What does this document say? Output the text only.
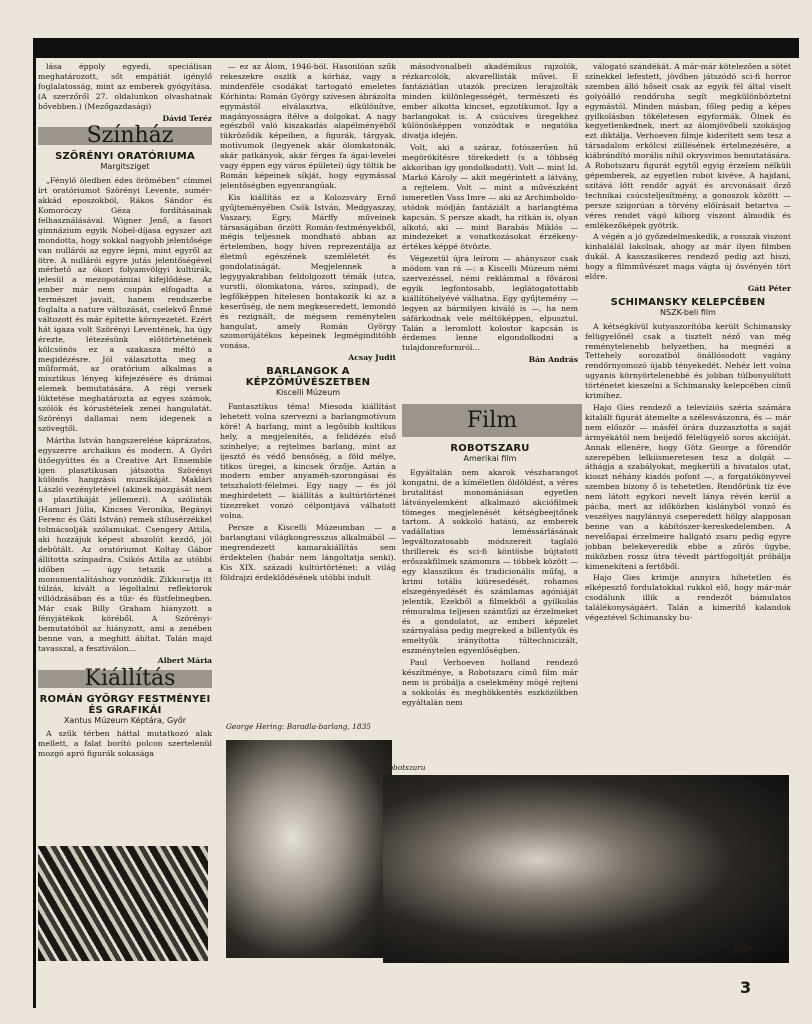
lása éppoly egyedi, speciálisan meghatározott, sőt empátiát igénylő foglalatosság, mint az emberek gyógyítása. (A szerzőről 27. oldalunkon olvashatnak bővebben.) (Mezőgazdasági)

Dávid Teréz
Színház
SZÖRÉNYI ORATÓRIUMA
Margitsziget

„Fénylő öledben édes örömében” címmel írt oratóriumot Szörényi Levente, sumér-akkád eposzokból, Rákos Sándor és Komoróczy Géza fordításainak felhasználásával. Wigner Jenő, a fasori gimnázium egyik Nobel-díjasa egyszer azt mondotta, hogy sokkal nagyobb jelentősége van nullárói az egyre lépni, mint egyről az ötre. A nullárói egyre jutás jelentőségével mérhető az ókori folyamvölgyi kultúrák, jelesül a mezopotámiai kifejlődése. Az ember már nem csupán elfogadta a természet javait, hanem rendszerbe foglalta a nature változását, cselekvő Ênmé változott és már építette környezetét. Ezért hát igaza volt Szörényi Leventének, ha úgy érezte, létezésünk előtörténetének kölcsönös ez a szakasza méltó a megidézésre. Jól választotta meg a műformát, az oratórium alkalmas a misztikus lényeg kifejezésére és drámai elemek bemutatására. A régi versek lüktetése meghatározta az egyes számok, szólók és kórustételek zenei hangulatát. Szörényi dallamai nem idegenek a szövegtől.

Mártha István hangszerelése káprázatos, egyszerre archaikus és modern. A Győri ütőegyüttes és a Creative Art Ensemble igen plasztikusan játszotta Szörényi különös hangzású muzsikáját. Maklári László vezényletével (akinek mozgását nem a plasztikáját jellemezi). A szólisták (Hamari Júlia, Kincses Veronika, Begányi Ferenc és Gáti István) remek stílusérzékkel tolmácsolják szólamukat. Csengery Attila, aki hozzájuk képest abszolút kezdő, jól debütált. Az oratóriumot Koltay Gábor állította színpadra. Csikós Attila az utóbbi időben — úgy tetszik — a monumentalitáshoz vonzódik. Zikkuratja itt túlzás, kivált a légoltalmi reflektorok villódzásában és a tűz- és füstfelmegben. Már csak Billy Graham hiányzott a fényjátékok köréből. A Szörényi-bemutatóból az hiányzott, ami a zenében benne van, a meghitt áhítat. Talán majd tavasszal, a fesztiválon...

Albert Mária
Kiállítás
ROMÁN GYÖRGY FESTMÉNYEI ÉS GRAFIKÁI
Xantus Múzeum Képtára, Győr

A szűk térben háttal mutatkozó alak mellett, a falat borító polcon szertelenül mozgó apró figurák sokasága

— ez az Álom, 1946-ból. Hasonlóan szűk rekeszekre oszlik a kórház, vagy a mindenféle csodákat tartogató emeletes Kórhinta: Román György szívesen ábrázolta egymástól elválasztva, elkülönítve, magányosságra ítélve a dolgokat. A nagy egészből való kiszakadás alapélményéből tükröződik képeiben, a figurák, tárgyak, motívumok (legyenek akár ólomkatonák, akár patkányok, akár férges fa ágai-levelei vagy éppen egy város épületei) úgy töltik be Román képeinek síkját, hogy egymással jelentőségben egyenrangúak.

Kis kiállítás ez a Kolozsváry Ernő gyűjteményében Csók István, Medgyaszay, Vaszary, Egry, Márffy műveinek társaságában őrzött Román-festményekből, mégis teljesnek mondható abban az értelemben, hogy híven reprezentálja az életmű egészének szemléletét és gondolatiságát. Megjelennek a legygyakrabban feldolgozott témák (utca, vurstli, ólomkatona, város, színpad), de legfőképpen hitelesen bontakozik ki az a keserűség, de nem megkeseredett, lemondó és rezignált, de mégsem reménytelen hangulat, amely Román György szomorújátékos képeinek legméginditóbb vonása.

Acsay Judit
BARLANGOK A KÉPZŐMŰVÉSZETBEN
Kiscelli Múzeum

Fantasztikus téma! Miesoda kiállítást lehetett volna szervezni a barlangmotívum köré! A barlang, mint a legősibb kultikus hely, a megjelenítés, a felidézés első színhelye; a rejtelmes barlang, mint az ijesztő és védő bensőség, a föld mélye, titkos üregei, a kincsek őrzője. Aztán a modern ember anyaméh-szorongásai és tetszhalott-félelmei. Egy nagy — és jól meghirdetett — kiállítás a kultúrtörténet tizezreket vonzó célpontjává válhatott volna.

Persze a Kiscelli Múzeumban — a barlangtani világkongresszus alkalmából — megrendezett kamarakiállítás sem érdektelen (habár nem lángoltatja senki). Kis XIX. századi kultúrtörténet: a világ földrajzi érdeklődésének utóbbi indult

George Hering: Baradla-barlang, 1835

másodvonalbeli akadémikus rajzolók, rézkarcolók, akvarellisták művei. E fantáziátlan utazók precizen lerajzolták minden különlegességét, természeti és ember alkotta kincset, egzotikumot. Így a barlangokat is. A csúcsíves üregekhez különösképpen vonzódtak e negatóka divatja idején.

Volt, aki a száraz, fotószerűen hű megörökítésre törekedett (s a többség akkoriban így gondolkodott). Volt — mint Id. Markó Károly — akit megérintett a látvány, a rejtelem. Volt — mint a művészként ismeretlen Vass Imre — aki az Archimboldo-utódok módján fantáziált a barlangtéma kapcsán. S persze akadt, ha ritkán is, olyan alkotó, aki — mint Barabás Miklós — mindezeket a vonatkozásokat érzékeny-értékes képpé ötvözte.

Végezetül újra leírom — ahányszor csak módom van rá —: a Kiscelli Múzeum némi szervezéssel, némi reklámmal a fővárosi egyik legfontosabb, leglátogatottabb kiállítóhelyévé válhatna. Egy gyűjtemény — legyen az bármilyen kiváló is —, ha nem sáfárkodnak vele méltóképpen, elpusztul. Talán a leromlott kolostor kapcsán is érdemes lenne elgondolkodni a tulajdonreformról...

Bán András
Film
ROBOTSZARU
Amerikai film

Egyáltalán nem akarok vészharangot kongatni, de a kíméletlen öldöklést, a véres brutalitást monomániásan egyetlen látványelemként alkalmazó akciófilmek tömeges megjelenését kétségbeejtőnek tartom. A sokkoló hatású, az emberek vadállatias leméssárlásának legváltozatosabb módszereit taglaló thrillerek és sci-fi köntösbe bújtatott erőszakfilmek számomra — többek között — egy klasszikus és tradicionális műfaj, a krimi totális kiüresedését, rohamos elszegényedését és számlamas agóniáját jelentik. Ezekből a filmekből a gyilkolás rémuralma teljesen számtűzi az érzelmeket és a gondolatot, az emberi képzelet szárnyalása pedig megreked a billentyűk és emeltyűk irányította túltechnicizált, eszménytelen egyenlőségben.

Paul Verhoeven holland rendező készítménye, a Robotszaru című film már nem is próbálja a cselekmény mögé rejteni a sokkolás és meghökkentés eszközökben egyáltalán nem

Robotszaru

válogató szándékát. A már-már kötelezően a sötét színekkel lefestett, jövőben játszódó sci-fi horror szemben álló hőseit csak az egyik fél által viselt golyóálló rendőruha segít megkülönböztetni egymástól. Minden másban, főleg pedig a képes gyilkolásban tökéletesen egyformák. Ölnek és kegyetlenkednek, mert az álomjövőbeli szokásjog ezt diktálja. Verhoeven filmje kiderített sem tesz a társadalom erkölcsi züllésének értelmezésére, a kiábrándító morális nihil okrysvimos bemutatására. A Robotszaru figurát egytől egyig érzelem nélküli gépemberek, az egyetlen robot kivéve. A hajdani, szitává lőtt rendőr agyát és arcvonásait őrző technikai csúcsteljesítmény, a gonoszok között — persze szigorúan a törvény előírásait betartva — véres rendet vágó kiborg viszont álmodik és emlékezőképek gyötrik.

A végén a jó győzedelmeskedik, a rosszak viszont kinhalálál lakolnak, ahogy az már ilyen filmben dukál. A kasszasikeres rendező pedig azt hiszi, hogy a filmművészet maga vágta új ösvényén tört előre.

Gáti Péter
SCHIMANSKY KELEPCÉBEN
NSZK-beli film

A kétségkívül kutyaszorítóba került Schimansky felügyelőnél csak a tisztelt néző van még reménytelenebb helyzetben, ha megnézi a Tettehely sorozatból önállósodott vagány rendőrnyomozó újabb tényekedét. Nehéz lett volna ugyanis környörtelenebbé és jobban túlbonyolított történetet kieszelni a Schimansky kelepcében című krimihez.

Hajo Gies rendező a televíziós széria számára kitalált figurát átemelte a szélesvászonra, és — már nem először — másfél órára duzzasztotta a saját ármyékától nem beijedő félelügyelő soros akcióját. Annak ellenére, hogy Götz George a főrendőr szerepében lelkiismeretesen tesz a dolgát — áthágja a szabályokat, megkerüli a hivatalos utat, kioszt néhány kiadós pofont —, a forgatókönyvvel szemben bizony ő is tehetetlen. Rendőrünk tíz éve nem látott egykori nevelt lánya révén kerül a pácba, mert az időközben kislányból vonzó és veszélyes nagylánnyá cseperedett hölgy alapposan benne van a kábítószer-kereskedelemben. A nevelőapai érzelmeire hallgató zsaru pedig egyre jobban belekeveredik ebbe a zűrös ügybe, miközben rossz útra tévedt pártfogoltját próbálja kimenekíteni a fertőből.

Hajo Gies krimije annyira hihetetlen és elképesztő fordulatokkal rukkol elő, hogy már-már csodálunk illik a rendezőt bámulatos találékonyságáért. Talán a kimerítő kalandok végeztével Schimansky bu-

▶▶
3
